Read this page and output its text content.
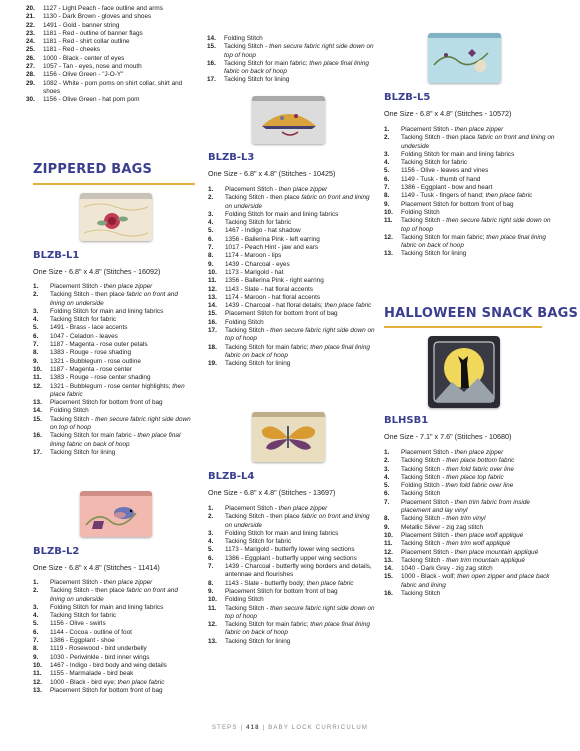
20. 1127 - Light Peach - face outline and arms
21. 1130 - Dark Brown - gloves and shoes
22. 1491 - Gold - banner string
23. 1181 - Red - outline of banner flags
24. 1181 - Red - shirt collar outline
25. 1181 - Red - cheeks
26. 1000 - Black - center of eyes
27. 1057 - Tan - eyes, nose and mouth
28. 1156 - Olive Green - "J-O-Y"
29. 1082 - White - pom poms on shirt collar, shirt and shoes
30. 1156 - Olive Green - hat pom pom
ZIPPERED BAGS
BLZB-L1
One Size - 6.8" x 4.8" (Stitches - 16092)
1. Placement Stitch - then place zipper
2. Tacking Stitch - then place fabric on front and lining on underside
3. Folding Stitch for main and lining fabrics
4. Tacking Stitch for fabric
5. 1491 - Brass - lace accents
6. 1047 - Celadon - leaves
7. 1187 - Magenta - rose outer petals
8. 1383 - Rouge - rose shading
9. 1321 - Bubblegum - rose outline
10. 1187 - Magenta - rose center
11. 1383 - Rouge - rose center shading
12. 1321 - Bubblegum - rose center highlights; then place fabric
13. Placement Stitch for bottom front of bag
14. Folding Stitch
15. Tacking Stitch - then secure fabric right side down on top of hoop
16. Tacking Stitch for main fabric - then place final lining fabric on back of hoop
17. Tacking Stitch for lining
BLZB-L2
One Size - 6.8" x 4.8" (Stitches - 11414)
1. Placement Stitch - then place zipper
2. Tacking Stitch - then place fabric on front and lining on underside
3. Folding Stitch for main and lining fabrics
4. Tacking Stitch for fabric
5. 1156 - Olive - swirls
6. 1144 - Cocoa - outline of foot
7. 1386 - Eggplant - shoe
8. 1119 - Rosewood - bird underbelly
9. 1030 - Periwinkle - bird inner wings
10. 1467 - Indigo - bird body and wing details
11. 1155 - Marmalade - bird beak
12. 1000 - Black - bird eye; then place fabric
13. Placement Stitch for bottom front of bag
14. Folding Stitch
15. Tacking Stitch - then secure fabric right side down on top of hoop
16. Tacking Stitch for main fabric; then place final lining fabric on back of hoop
17. Tacking Stitch for lining
BLZB-L3
One Size - 6.8" x 4.8" (Stitches - 10425)
1. Placement Stitch - then place zipper
2. Tacking Stitch - then place fabric on front and lining on underside
3. Folding Stitch for main and lining fabrics
4. Tacking Stitch for fabric
5. 1467 - Indigo - hat shadow
6. 1356 - Ballerina Pink - left earring
7. 1017 - Peach Hint - jaw and ears
8. 1174 - Maroon - lips
9. 1439 - Charcoal - eyes
10. 1173 - Marigold - hat
11. 1356 - Ballerina Pink - right earring
12. 1143 - Slate - hat floral accents
13. 1174 - Maroon - hat floral accents
14. 1439 - Charcoal - hat floral details; then place fabric
15. Placement Stitch for bottom front of bag
16. Folding Stitch
17. Tacking Stitch - then secure fabric right side down on top of hoop
18. Tacking Stitch for main fabric; then place final lining fabric on back of hoop
19. Tacking Stitch for lining
BLZB-L4
One Size - 6.8" x 4.8" (Stitches - 13697)
1. Placement Stitch - then place zipper
2. Tacking Stitch - then place fabric on front and lining on underside
3. Folding Stitch for main and lining fabrics
4. Tacking Stitch for fabric
5. 1173 - Marigold - butterfly lower wing sections
6. 1386 - Eggplant - butterfly upper wing sections
7. 1439 - Charcoal - butterfly wing borders and details, antennae and flourishes
8. 1143 - Slate - butterfly body; then place fabric
9. Placement Stitch for bottom front of bag
10. Folding Stitch
11. Tacking Stitch - then secure fabric right side down on top of hoop
12. Tacking Stitch for main fabric; then place final lining fabric on back of hoop
13. Tacking Stitch for lining
BLZB-L5
One Size - 6.8" x 4.8" (Stitches - 10572)
1. Placement Stitch - then place zipper
2. Tacking Stitch - then place fabric on front and lining on underside
3. Folding Stitch for main and lining fabrics
4. Tacking Stitch for fabric
5. 1156 - Olive - leaves and vines
6. 1149 - Tusk - thumb of hand
7. 1386 - Eggplant - bow and heart
8. 1149 - Tusk - fingers of hand; then place fabric
9. Placement Stitch for bottom front of bag
10. Folding Stitch
11. Tacking Stitch - then secure fabric right side down on top of hoop
12. Tacking Stitch for main fabric; then place final lining fabric on back of hoop
13. Tacking Stitch for lining
HALLOWEEN SNACK BAGS
BLHSB1
One Size - 7.1" x 7.6" (Stitches - 10680)
1. Placement Stitch - then place zipper
2. Tacking Stitch - then place bottom fabric
3. Tacking Stitch - then fold fabric over line
4. Tacking Stitch - then place top fabric
5. Folding Stitch - then fold fabric over line
6. Tacking Stitch
7. Placement Stitch - then trim fabric from inside placement and lay vinyl
8. Tacking Stitch - then trim vinyl
9. Metallic Silver - zig zag stitch
10. Placement Stitch - then place wolf appliqué
11. Tacking Stitch - then trim wolf appliqué
12. Placement Stitch - then place mountain appliqué
13. Tacking Stitch - then trim mountain appliqué
14. 1040 - Dark Grey - zig zag stitch
15. 1000 - Black - wolf; then open zipper and place back fabric and lining
16. Tacking Stitch
STEPS | 418 | BABY LOCK CURRICULUM
